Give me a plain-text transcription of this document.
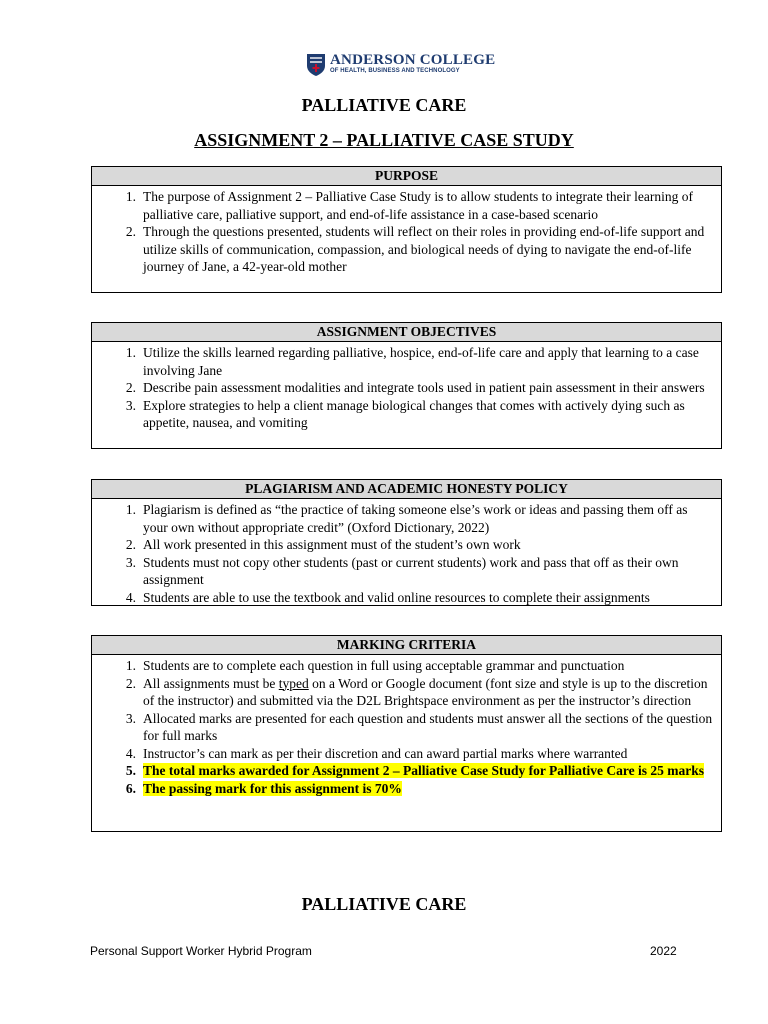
ANDERSON COLLEGE
OF HEALTH, BUSINESS AND TECHNOLOGY
PALLIATIVE CARE
ASSIGNMENT 2 – PALLIATIVE CASE STUDY
PURPOSE
1. The purpose of Assignment 2 – Palliative Case Study is to allow students to integrate their learning of palliative care, palliative support, and end-of-life assistance in a case-based scenario
2. Through the questions presented, students will reflect on their roles in providing end-of-life support and utilize skills of communication, compassion, and biological needs of dying to navigate the end-of-life journey of Jane, a 42-year-old mother
ASSIGNMENT OBJECTIVES
1. Utilize the skills learned regarding palliative, hospice, end-of-life care and apply that learning to a case involving Jane
2. Describe pain assessment modalities and integrate tools used in patient pain assessment in their answers
3. Explore strategies to help a client manage biological changes that comes with actively dying such as appetite, nausea, and vomiting
PLAGIARISM AND ACADEMIC HONESTY POLICY
1. Plagiarism is defined as “the practice of taking someone else’s work or ideas and passing them off as your own without appropriate credit” (Oxford Dictionary, 2022)
2. All work presented in this assignment must of the student’s own work
3. Students must not copy other students (past or current students) work and pass that off as their own assignment
4. Students are able to use the textbook and valid online resources to complete their assignments
MARKING CRITERIA
1. Students are to complete each question in full using acceptable grammar and punctuation
2. All assignments must be typed on a Word or Google document (font size and style is up to the discretion of the instructor) and submitted via the D2L Brightspace environment as per the instructor’s direction
3. Allocated marks are presented for each question and students must answer all the sections of the question for full marks
4. Instructor’s can mark as per their discretion and can award partial marks where warranted
5. The total marks awarded for Assignment 2 – Palliative Case Study for Palliative Care is 25 marks
6. The passing mark for this assignment is 70%
PALLIATIVE CARE
Personal Support Worker Hybrid Program	2022
